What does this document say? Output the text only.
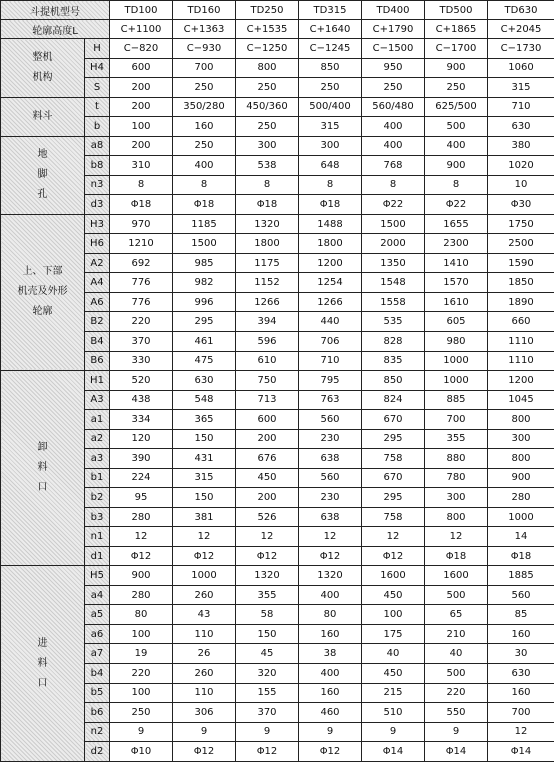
斗提机型号		TD100	TD160	TD250	TD315	TD400	TD500	TD630
轮廓高度L		C+1100	C+1363	C+1535	C+1640	C+1790	C+1865	C+2045

整机
机构	H	C−820	C−930	C−1250	C−1245	C−1500	C−1700	C−1730
	H4	600	700	800	850	950	900	1060
	S	200	250	250	250	250	250	315

料斗	t	200	350/280	450/360	500/400	560/480	625/500	710
	b	100	160	250	315	400	500	630

地
脚
孔	a8	200	250	300	300	400	400	380
	b8	310	400	538	648	768	900	1020
	n3	8	8	8	8	8	8	10
	d3	Φ18	Φ18	Φ18	Φ18	Φ22	Φ22	Φ30

上、下部
机壳及外形
轮廓	H3	970	1185	1320	1488	1500	1655	1750
	H6	1210	1500	1800	1800	2000	2300	2500
	A2	692	985	1175	1200	1350	1410	1590
	A4	776	982	1152	1254	1548	1570	1850
	A6	776	996	1266	1266	1558	1610	1890
	B2	220	295	394	440	535	605	660
	B4	370	461	596	706	828	980	1110
	B6	330	475	610	710	835	1000	1110

卸
料
口	H1	520	630	750	795	850	1000	1200
	A3	438	548	713	763	824	885	1045
	a1	334	365	600	560	670	700	800
	a2	120	150	200	230	295	355	300
	a3	390	431	676	638	758	880	800
	b1	224	315	450	560	670	780	900
	b2	95	150	200	230	295	300	280
	b3	280	381	526	638	758	800	1000
	n1	12	12	12	12	12	12	14
	d1	Φ12	Φ12	Φ12	Φ12	Φ12	Φ18	Φ18

进
料
口	H5	900	1000	1320	1320	1600	1600	1885
	a4	280	260	355	400	450	500	560
	a5	80	43	58	80	100	65	85
	a6	100	110	150	160	175	210	160
	a7	19	26	45	38	40	40	30
	b4	220	260	320	400	450	500	630
	b5	100	110	155	160	215	220	160
	b6	250	306	370	460	510	550	700
	n2	9	9	9	9	9	9	12
	d2	Φ10	Φ12	Φ12	Φ12	Φ14	Φ14	Φ14
